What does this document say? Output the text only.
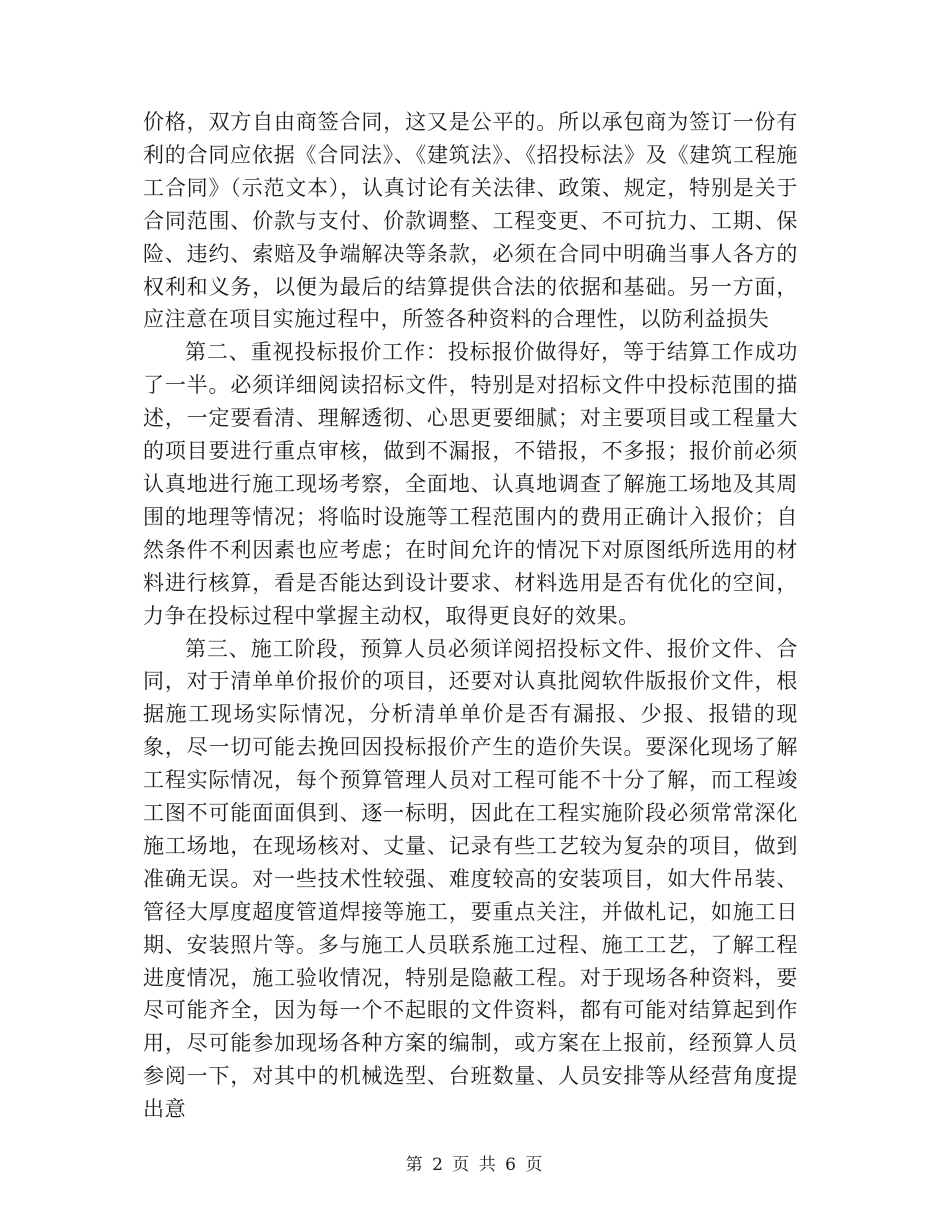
价格，双方自由商签合同，这又是公平的。所以承包商为签订一份有利的合同应依据《合同法》、《建筑法》、《招投标法》及《建筑工程施工合同》（示范文本），认真讨论有关法律、政策、规定，特别是关于合同范围、价款与支付、价款调整、工程变更、不可抗力、工期、保险、违约、索赔及争端解决等条款，必须在合同中明确当事人各方的权利和义务，以便为最后的结算提供合法的依据和基础。另一方面，应注意在项目实施过程中，所签各种资料的合理性，以防利益损失

第二、重视投标报价工作：投标报价做得好，等于结算工作成功了一半。必须详细阅读招标文件，特别是对招标文件中投标范围的描述，一定要看清、理解透彻、心思更要细腻；对主要项目或工程量大的项目要进行重点审核，做到不漏报，不错报，不多报；报价前必须认真地进行施工现场考察，全面地、认真地调查了解施工场地及其周围的地理等情况；将临时设施等工程范围内的费用正确计入报价；自然条件不利因素也应考虑；在时间允许的情况下对原图纸所选用的材料进行核算，看是否能达到设计要求、材料选用是否有优化的空间，力争在投标过程中掌握主动权，取得更良好的效果。

第三、施工阶段，预算人员必须详阅招投标文件、报价文件、合同，对于清单单价报价的项目，还要对认真批阅软件版报价文件，根据施工现场实际情况，分析清单单价是否有漏报、少报、报错的现象，尽一切可能去挽回因投标报价产生的造价失误。要深化现场了解工程实际情况，每个预算管理人员对工程可能不十分了解，而工程竣工图不可能面面俱到、逐一标明，因此在工程实施阶段必须常常深化施工场地，在现场核对、丈量、记录有些工艺较为复杂的项目，做到准确无误。对一些技术性较强、难度较高的安装项目，如大件吊装、管径大厚度超度管道焊接等施工，要重点关注，并做札记，如施工日期、安装照片等。多与施工人员联系施工过程、施工工艺，了解工程进度情况，施工验收情况，特别是隐蔽工程。对于现场各种资料，要尽可能齐全，因为每一个不起眼的文件资料，都有可能对结算起到作用，尽可能参加现场各种方案的编制，或方案在上报前，经预算人员参阅一下，对其中的机械选型、台班数量、人员安排等从经营角度提出意

第 2 页 共 6 页
